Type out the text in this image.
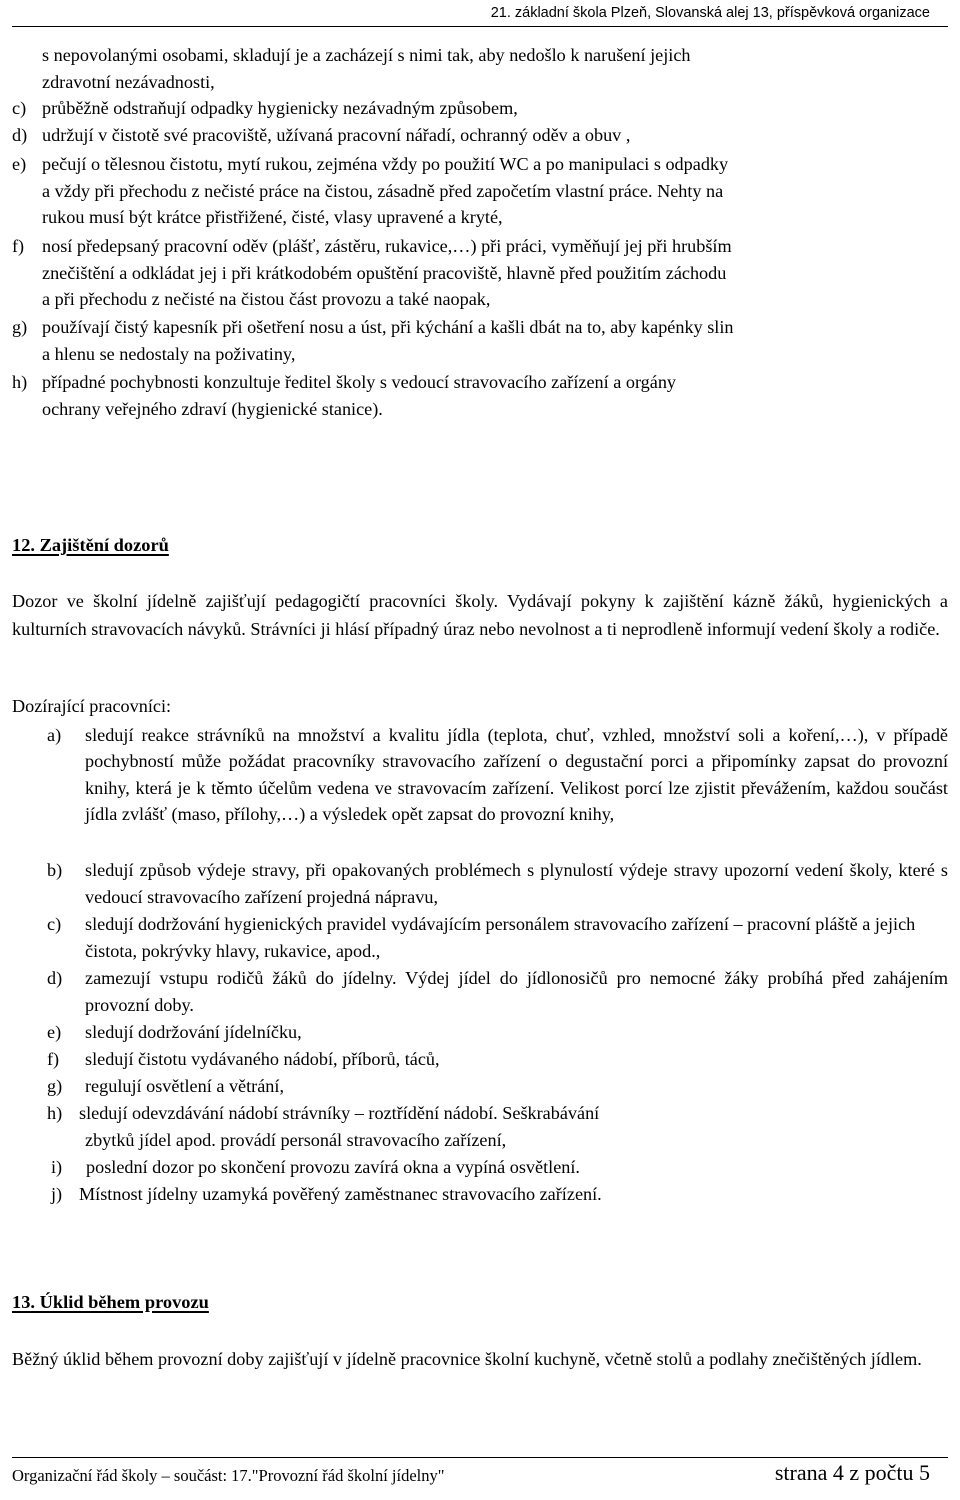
21. základní škola Plzeň, Slovanská alej 13, příspěvková organizace
s nepovolanými osobami, skladují je a zacházejí s nimi tak, aby nedošlo k narušení jejich
zdravotní nezávadnosti,
c) průběžně odstraňují odpadky hygienicky nezávadným způsobem,
d) udržují v čistotě své pracoviště, užívaná pracovní nářadí, ochranný oděv a obuv ,
e) pečují o tělesnou čistotu, mytí rukou, zejména vždy po použití WC a po manipulaci s odpadky
a vždy při přechodu z nečisté práce na čistou, zásadně před započetím vlastní práce. Nehty na
rukou musí být krátce přistřižené, čisté, vlasy upravené a kryté,
f) nosí předepsaný pracovní oděv (plášť, zástěru, rukavice,…) při práci, vyměňují jej při hrubším
znečištění a odkládat jej i při krátkodobém opuštění pracoviště, hlavně před použitím záchodu
a při přechodu z nečisté na čistou část provozu a také naopak,
g) používají čistý kapesník při ošetření nosu a úst, při kýchání a kašli dbát na to, aby kapénky slin
a hlenu se nedostaly na poživatiny,
h) případné pochybnosti konzultuje ředitel školy s vedoucí stravovacího zařízení a orgány
ochrany veřejného zdraví (hygienické stanice).
12. Zajištění dozorů
Dozor ve školní jídelně zajišťují pedagogičtí pracovníci školy. Vydávají pokyny k zajištění kázně žáků, hygienických a kulturních stravovacích návyků. Strávníci ji hlásí případný úraz nebo nevolnost a ti neprodleně informují vedení školy a rodiče.
Dozírající pracovníci:
a) sledují reakce strávníků na množství a kvalitu jídla (teplota, chuť, vzhled, množství soli a koření,…), v případě pochybností může požádat pracovníky stravovacího zařízení o degustační porci a připomínky zapsat do provozní knihy, která je k těmto účelům vedena ve stravovacím zařízení. Velikost porcí lze zjistit převážením, každou součást jídla zvlášť (maso, přílohy,…) a výsledek opět zapsat do provozní knihy,
b) sledují způsob výdeje stravy, při opakovaných problémech s plynulostí výdeje stravy upozorní vedení školy, které s vedoucí stravovacího zařízení projedná nápravu,
c) sledují dodržování hygienických pravidel vydávajícím personálem stravovacího zařízení – pracovní pláště a jejich čistota, pokrývky hlavy, rukavice, apod.,
d) zamezují vstupu rodičů žáků do jídelny. Výdej jídel do jídlonosičů pro nemocné žáky probíhá před zahájením provozní doby.
e) sledují dodržování jídelníčku,
f) sledují čistotu vydávaného nádobí, příborů, táců,
g) regulují osvětlení a větrání,
h) sledují odevzdávání nádobí strávníky – roztřídění nádobí. Seškrabávání
zbytků jídel apod. provádí personál stravovacího zařízení,
i) poslední dozor po skončení provozu zavírá okna a vypíná osvětlení.
j) Místnost jídelny uzamyká pověřený zaměstnanec stravovacího zařízení.
13. Úklid během provozu
Běžný úklid během provozní doby zajišťují v jídelně pracovnice školní kuchyně, včetně stolů a podlahy znečištěných jídlem.
Organizační řád školy – součást: 17."Provozní řád školní jídelny"	strana 4 z počtu 5
